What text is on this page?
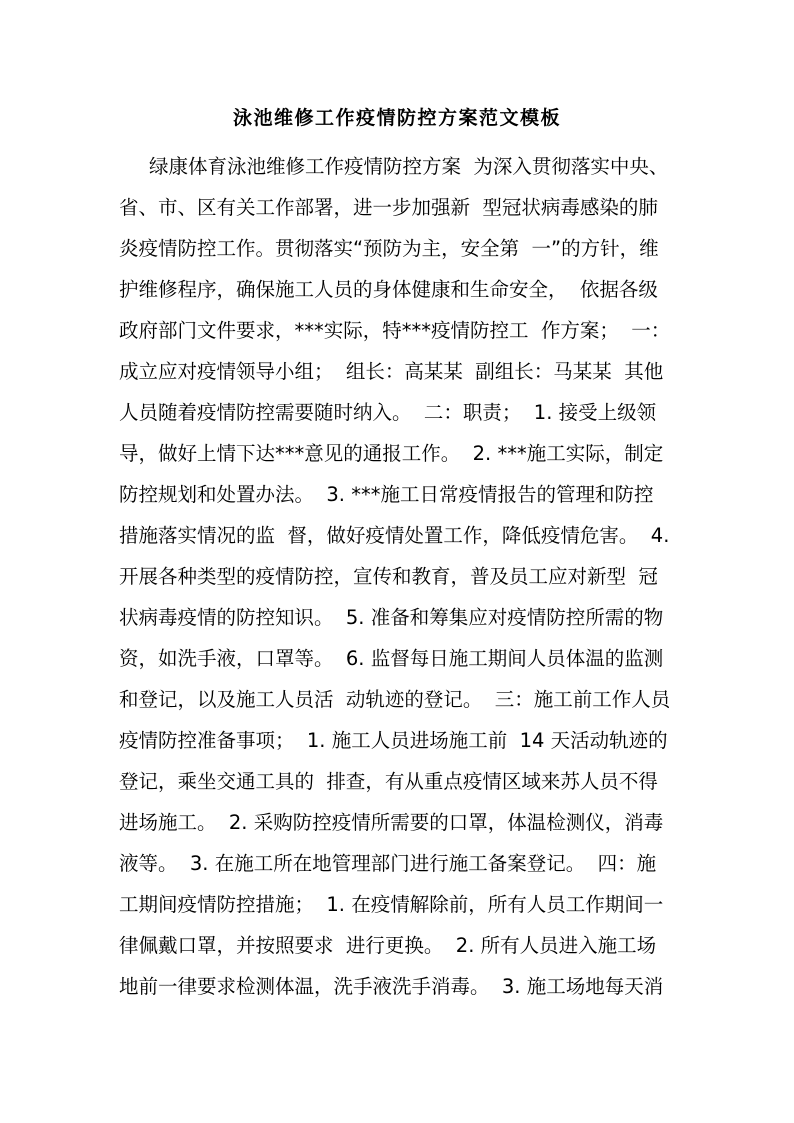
泳池维修工作疫情防控方案范文模板
绿康体育泳池维修工作疫情防控方案  为深入贯彻落实中央、
省、市、区有关工作部署，进一步加强新  型冠状病毒感染的肺
炎疫情防控工作。贯彻落实“预防为主，安全第  一”的方针，维
护维修程序，确保施工人员的身体健康和生命安全，  依据各级
政府部门文件要求，***实际，特***疫情防控工  作方案；  一：
成立应对疫情领导小组；  组长：高某某  副组长：马某某  其他
人员随着疫情防控需要随时纳入。  二：职责；  1. 接受上级领
导，做好上情下达***意见的通报工作。  2. ***施工实际，制定
防控规划和处置办法。  3. ***施工日常疫情报告的管理和防控
措施落实情况的监  督，做好疫情处置工作，降低疫情危害。  4.
开展各种类型的疫情防控，宣传和教育，普及员工应对新型  冠
状病毒疫情的防控知识。  5. 准备和筹集应对疫情防控所需的物
资，如洗手液，口罩等。  6. 监督每日施工期间人员体温的监测
和登记，以及施工人员活  动轨迹的登记。  三：施工前工作人员
疫情防控准备事项；  1. 施工人员进场施工前  14 天活动轨迹的
登记，乘坐交通工具的  排查，有从重点疫情区域来苏人员不得
进场施工。  2. 采购防控疫情所需要的口罩，体温检测仪，消毒
液等。  3. 在施工所在地管理部门进行施工备案登记。  四：施
工期间疫情防控措施；  1. 在疫情解除前，所有人员工作期间一
律佩戴口罩，并按照要求  进行更换。  2. 所有人员进入施工场
地前一律要求检测体温，洗手液洗手消毒。  3. 施工场地每天消
